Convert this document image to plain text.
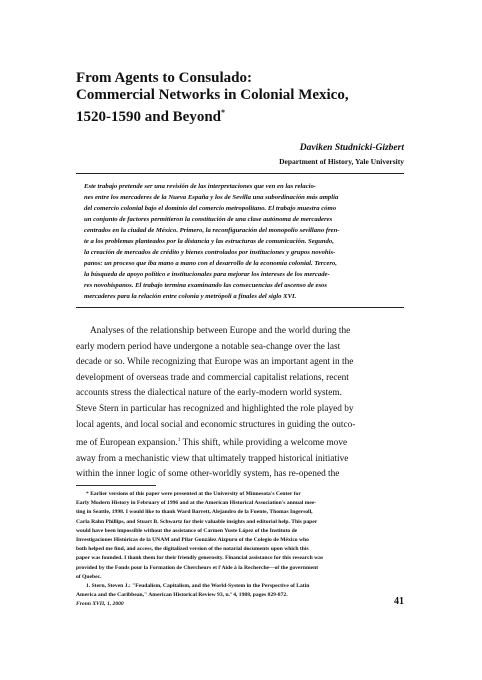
From Agents to Consulado:
Commercial Networks in Colonial Mexico,
1520-1590 and Beyond*
Daviken Studnicki-Gizbert
Department of History, Yale University

Este trabajo pretende ser una revisión de las interpretaciones que ven en las relacio-
nes entre los mercaderes de la Nueva España y los de Sevilla una subordinación más amplia
del comercio colonial bajo el dominio del comercio metropolitano. El trabajo muestra cómo
un conjunto de factores permitieron la constitución de una clase autónoma de mercaderes
centrados en la ciudad de México. Primero, la reconfiguración del monopolio sevillano fren-
te a los problemas planteados por la distancia y las estructuras de comunicación. Segundo,
la creación de mercados de crédito y bienes controlados por instituciones y grupos novohis-
panos: un proceso que iba mano a mano con el desarrollo de la economía colonial. Tercero,
la búsqueda de apoyo político e institucionales para mejorar los intereses de los mercade-
res novohispanos. El trabajo termina examinando las consecuencias del ascenso de esos
mercaderes para la relación entre colonia y metrópoli a finales del siglo XVI.

Analyses of the relationship between Europe and the world during the
early modern period have undergone a notable sea-change over the last
decade or so. While recognizing that Europe was an important agent in the
development of overseas trade and commercial capitalist relations, recent
accounts stress the dialectical nature of the early-modern world system.
Steve Stern in particular has recognized and highlighted the role played by
local agents, and local social and economic structures in guiding the outco-
me of European expansion.$^1$ This shift, while providing a welcome move
away from a mechanistic view that ultimately trapped historical initiative
within the inner logic of some other-worldly system, has re-opened the

* Earlier versions of this paper were presented at the University of Minnesota's Center for
Early Modern History in February of 1996 and at the American Historical Association's annual mee-
ting in Seattle, 1998. I would like to thank Ward Barrett, Alejandro de la Fuente, Thomas Ingersoll,
Carla Rahn Phillips, and Stuart B. Schwartz for their valuable insights and editorial help. This paper
would have been impossible without the assistance of Carmen Yuste López of the Instituto de
Investigaciones Históricas de la UNAM and Pilar González Aizpuru of the Colegio de México who
both helped me find, and access, the digitalized version of the notarial documents upon which this
paper was founded. I thank them for their friendly generosity. Financial assistance for this research was
provided by the Fonds pour la Formation de Chercheurs et l'Aide à la Recherche—of the government
of Quebec.
1. Stern, Steven J.: "Feudalism, Capitalism, and the World-System in the Perspective of Latin
America and the Caribbean," American Historical Review 93, n.º 4, 1988, pages 829-872.
Fronn XVII, 1, 2000	41
